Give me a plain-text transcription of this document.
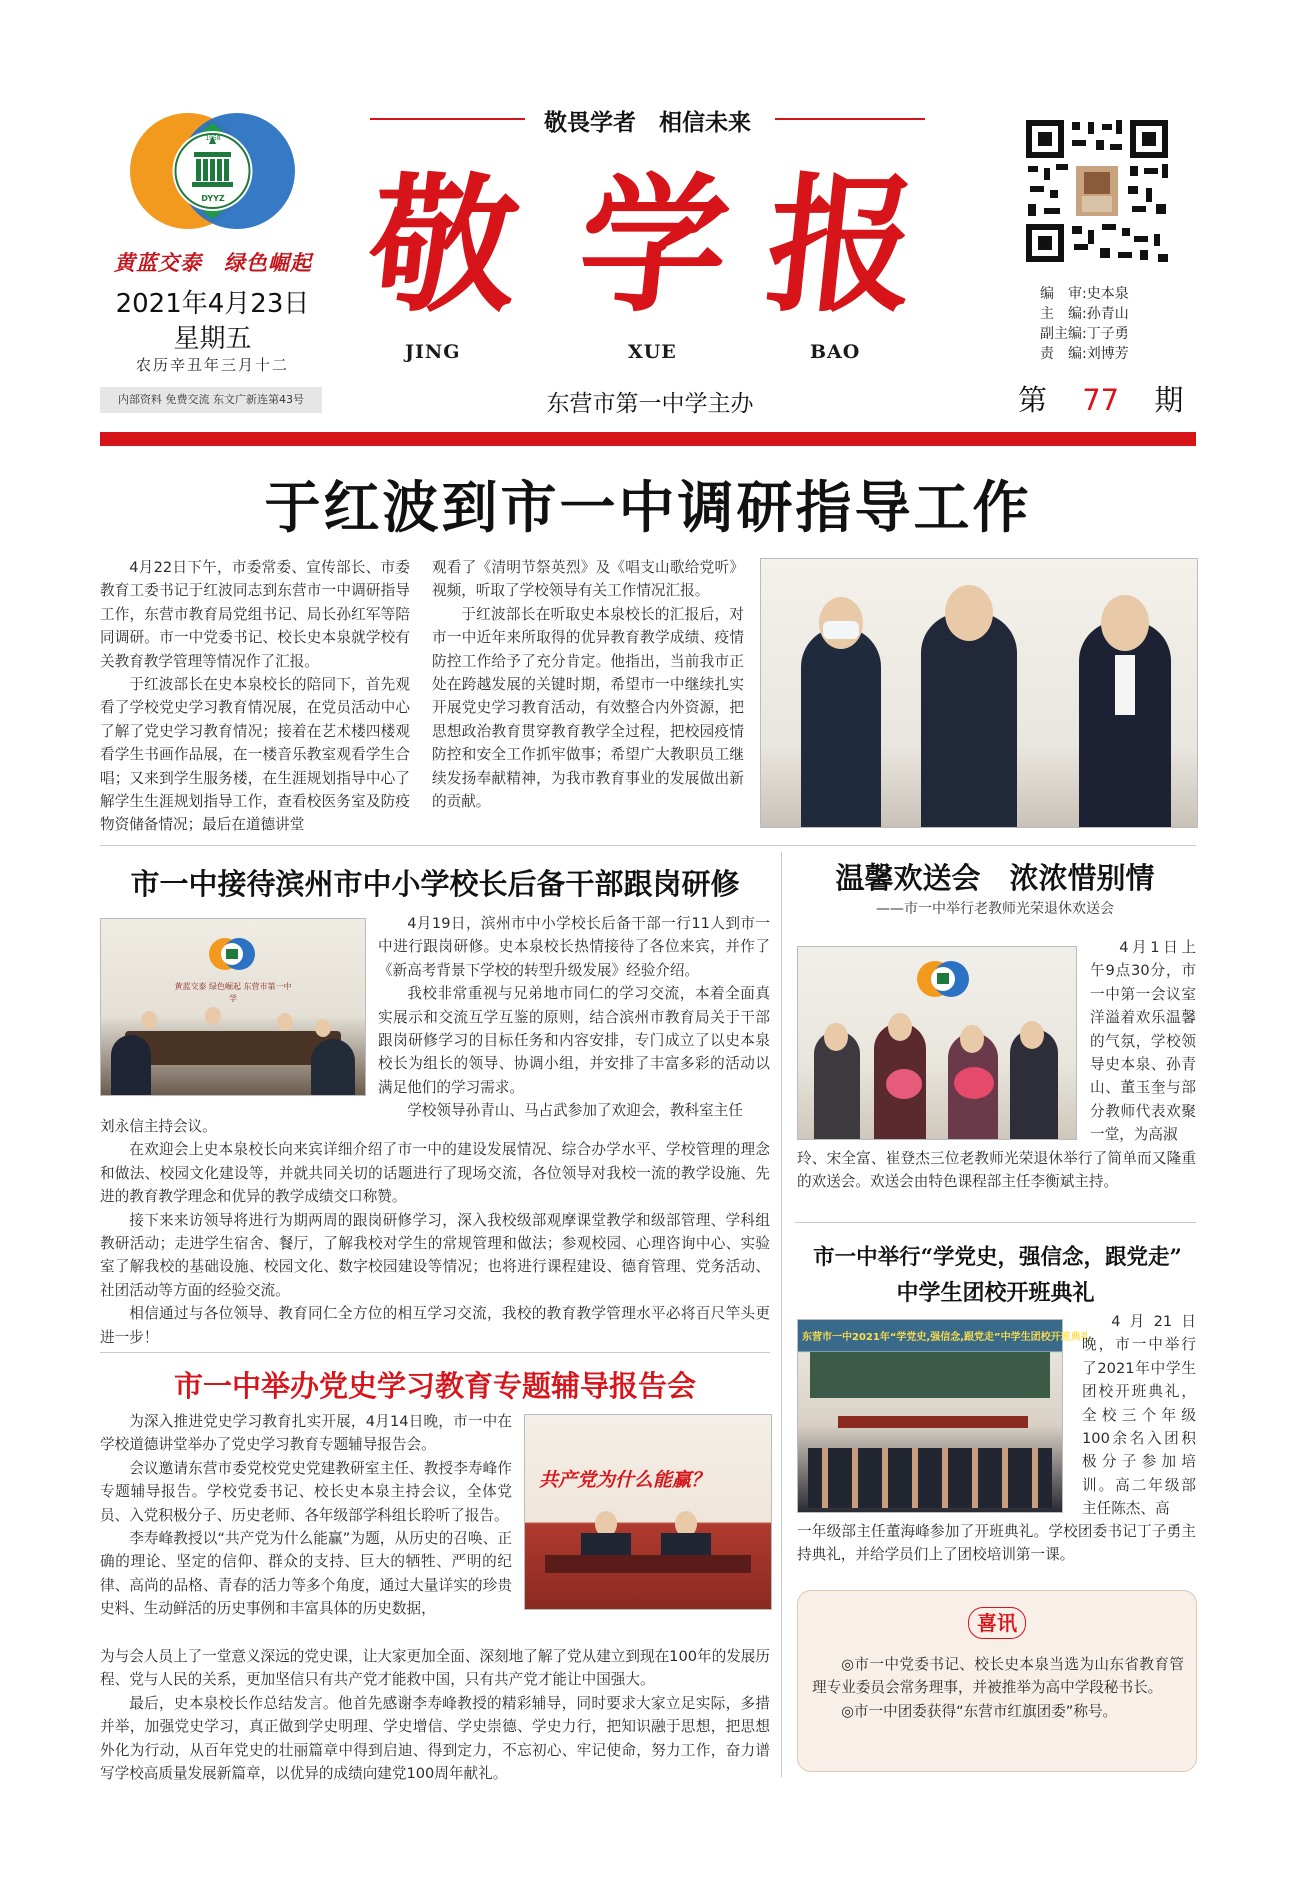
1958
DYYZ
黄蓝交泰　绿色崛起
2021年4月23日
星期五
农历辛丑年三月十二
内部资料 免费交流 东文广新连第43号
敬畏学者　相信未来
敬 学 报
JING	XUE	BAO
东营市第一中学主办
编　审:史本泉
主　编:孙青山
副主编:丁子勇
责　编:刘博芳
第 77 期
于红波到市一中调研指导工作

4月22日下午，市委常委、宣传部长、市委教育工委书记于红波同志到东营市一中调研指导工作，东营市教育局党组书记、局长孙红军等陪同调研。市一中党委书记、校长史本泉就学校有关教育教学管理等情况作了汇报。

于红波部长在史本泉校长的陪同下，首先观看了学校党史学习教育情况展，在党员活动中心了解了党史学习教育情况；接着在艺术楼四楼观看学生书画作品展，在一楼音乐教室观看学生合唱；又来到学生服务楼，在生涯规划指导中心了解学生生涯规划指导工作，查看校医务室及防疫物资储备情况；最后在道德讲堂

观看了《清明节祭英烈》及《唱支山歌给党听》视频，听取了学校领导有关工作情况汇报。

于红波部长在听取史本泉校长的汇报后，对市一中近年来所取得的优异教育教学成绩、疫情防控工作给予了充分肯定。他指出，当前我市正处在跨越发展的关键时期，希望市一中继续扎实开展党史学习教育活动，有效整合内外资源，把思想政治教育贯穿教育教学全过程，把校园疫情防控和安全工作抓牢做事；希望广大教职员工继续发扬奉献精神，为我市教育事业的发展做出新的贡献。

市一中接待滨州市中小学校长后备干部跟岗研修
黄蓝交泰 绿色崛起 东营市第一中学

4月19日，滨州市中小学校长后备干部一行11人到市一中进行跟岗研修。史本泉校长热情接待了各位来宾，并作了《新高考背景下学校的转型升级发展》经验介绍。

我校非常重视与兄弟地市同仁的学习交流，本着全面真实展示和交流互学互鉴的原则，结合滨州市教育局关于干部跟岗研修学习的目标任务和内容安排，专门成立了以史本泉校长为组长的领导、协调小组，并安排了丰富多彩的活动以满足他们的学习需求。

学校领导孙青山、马占武参加了欢迎会，教科室主任

刘永信主持会议。

在欢迎会上史本泉校长向来宾详细介绍了市一中的建设发展情况、综合办学水平、学校管理的理念和做法、校园文化建设等，并就共同关切的话题进行了现场交流，各位领导对我校一流的教学设施、先进的教育教学理念和优异的教学成绩交口称赞。

接下来来访领导将进行为期两周的跟岗研修学习，深入我校级部观摩课堂教学和级部管理、学科组教研活动；走进学生宿舍、餐厅，了解我校对学生的常规管理和做法；参观校园、心理咨询中心、实验室了解我校的基础设施、校园文化、数字校园建设等情况；也将进行课程建设、德育管理、党务活动、社团活动等方面的经验交流。

相信通过与各位领导、教育同仁全方位的相互学习交流，我校的教育教学管理水平必将百尺竿头更进一步！

市一中举办党史学习教育专题辅导报告会

为深入推进党史学习教育扎实开展，4月14日晚，市一中在学校道德讲堂举办了党史学习教育专题辅导报告会。

会议邀请东营市委党校党史党建教研室主任、教授李寿峰作专题辅导报告。学校党委书记、校长史本泉主持会议，全体党员、入党积极分子、历史老师、各年级部学科组长聆听了报告。

李寿峰教授以“共产党为什么能赢”为题，从历史的召唤、正确的理论、坚定的信仰、群众的支持、巨大的牺牲、严明的纪律、高尚的品格、青春的活力等多个角度，通过大量详实的珍贵史料、生动鲜活的历史事例和丰富具体的历史数据，

共产党为什么能赢？

为与会人员上了一堂意义深远的党史课，让大家更加全面、深刻地了解了党从建立到现在100年的发展历程、党与人民的关系，更加坚信只有共产党才能救中国，只有共产党才能让中国强大。

最后，史本泉校长作总结发言。他首先感谢李寿峰教授的精彩辅导，同时要求大家立足实际，多措并举，加强党史学习，真正做到学史明理、学史增信、学史崇德、学史力行，把知识融于思想，把思想外化为行动，从百年党史的壮丽篇章中得到启迪、得到定力，不忘初心、牢记使命，努力工作，奋力谱写学校高质量发展新篇章，以优异的成绩向建党100周年献礼。

温馨欢送会　浓浓惜别情
——市一中举行老教师光荣退休欢送会

4月1日上午9点30分，市一中第一会议室洋溢着欢乐温馨的气氛，学校领导史本泉、孙青山、董玉奎与部分教师代表欢聚一堂，为高淑

玲、宋全富、崔登杰三位老教师光荣退休举行了简单而又隆重的欢送会。欢送会由特色课程部主任李衡斌主持。

市一中举行“学党史，强信念，跟党走”
中学生团校开班典礼
东营市一中2021年“学党史,强信念,跟党走”中学生团校开班典礼

4月21日晚，市一中举行了2021年中学生团校开班典礼，全校三个年级100余名入团积极分子参加培训。高二年级部主任陈杰、高

一年级部主任董海峰参加了开班典礼。学校团委书记丁子勇主持典礼，并给学员们上了团校培训第一课。

喜讯

◎市一中党委书记、校长史本泉当选为山东省教育管理专业委员会常务理事，并被推举为高中学段秘书长。

◎市一中团委获得“东营市红旗团委”称号。
